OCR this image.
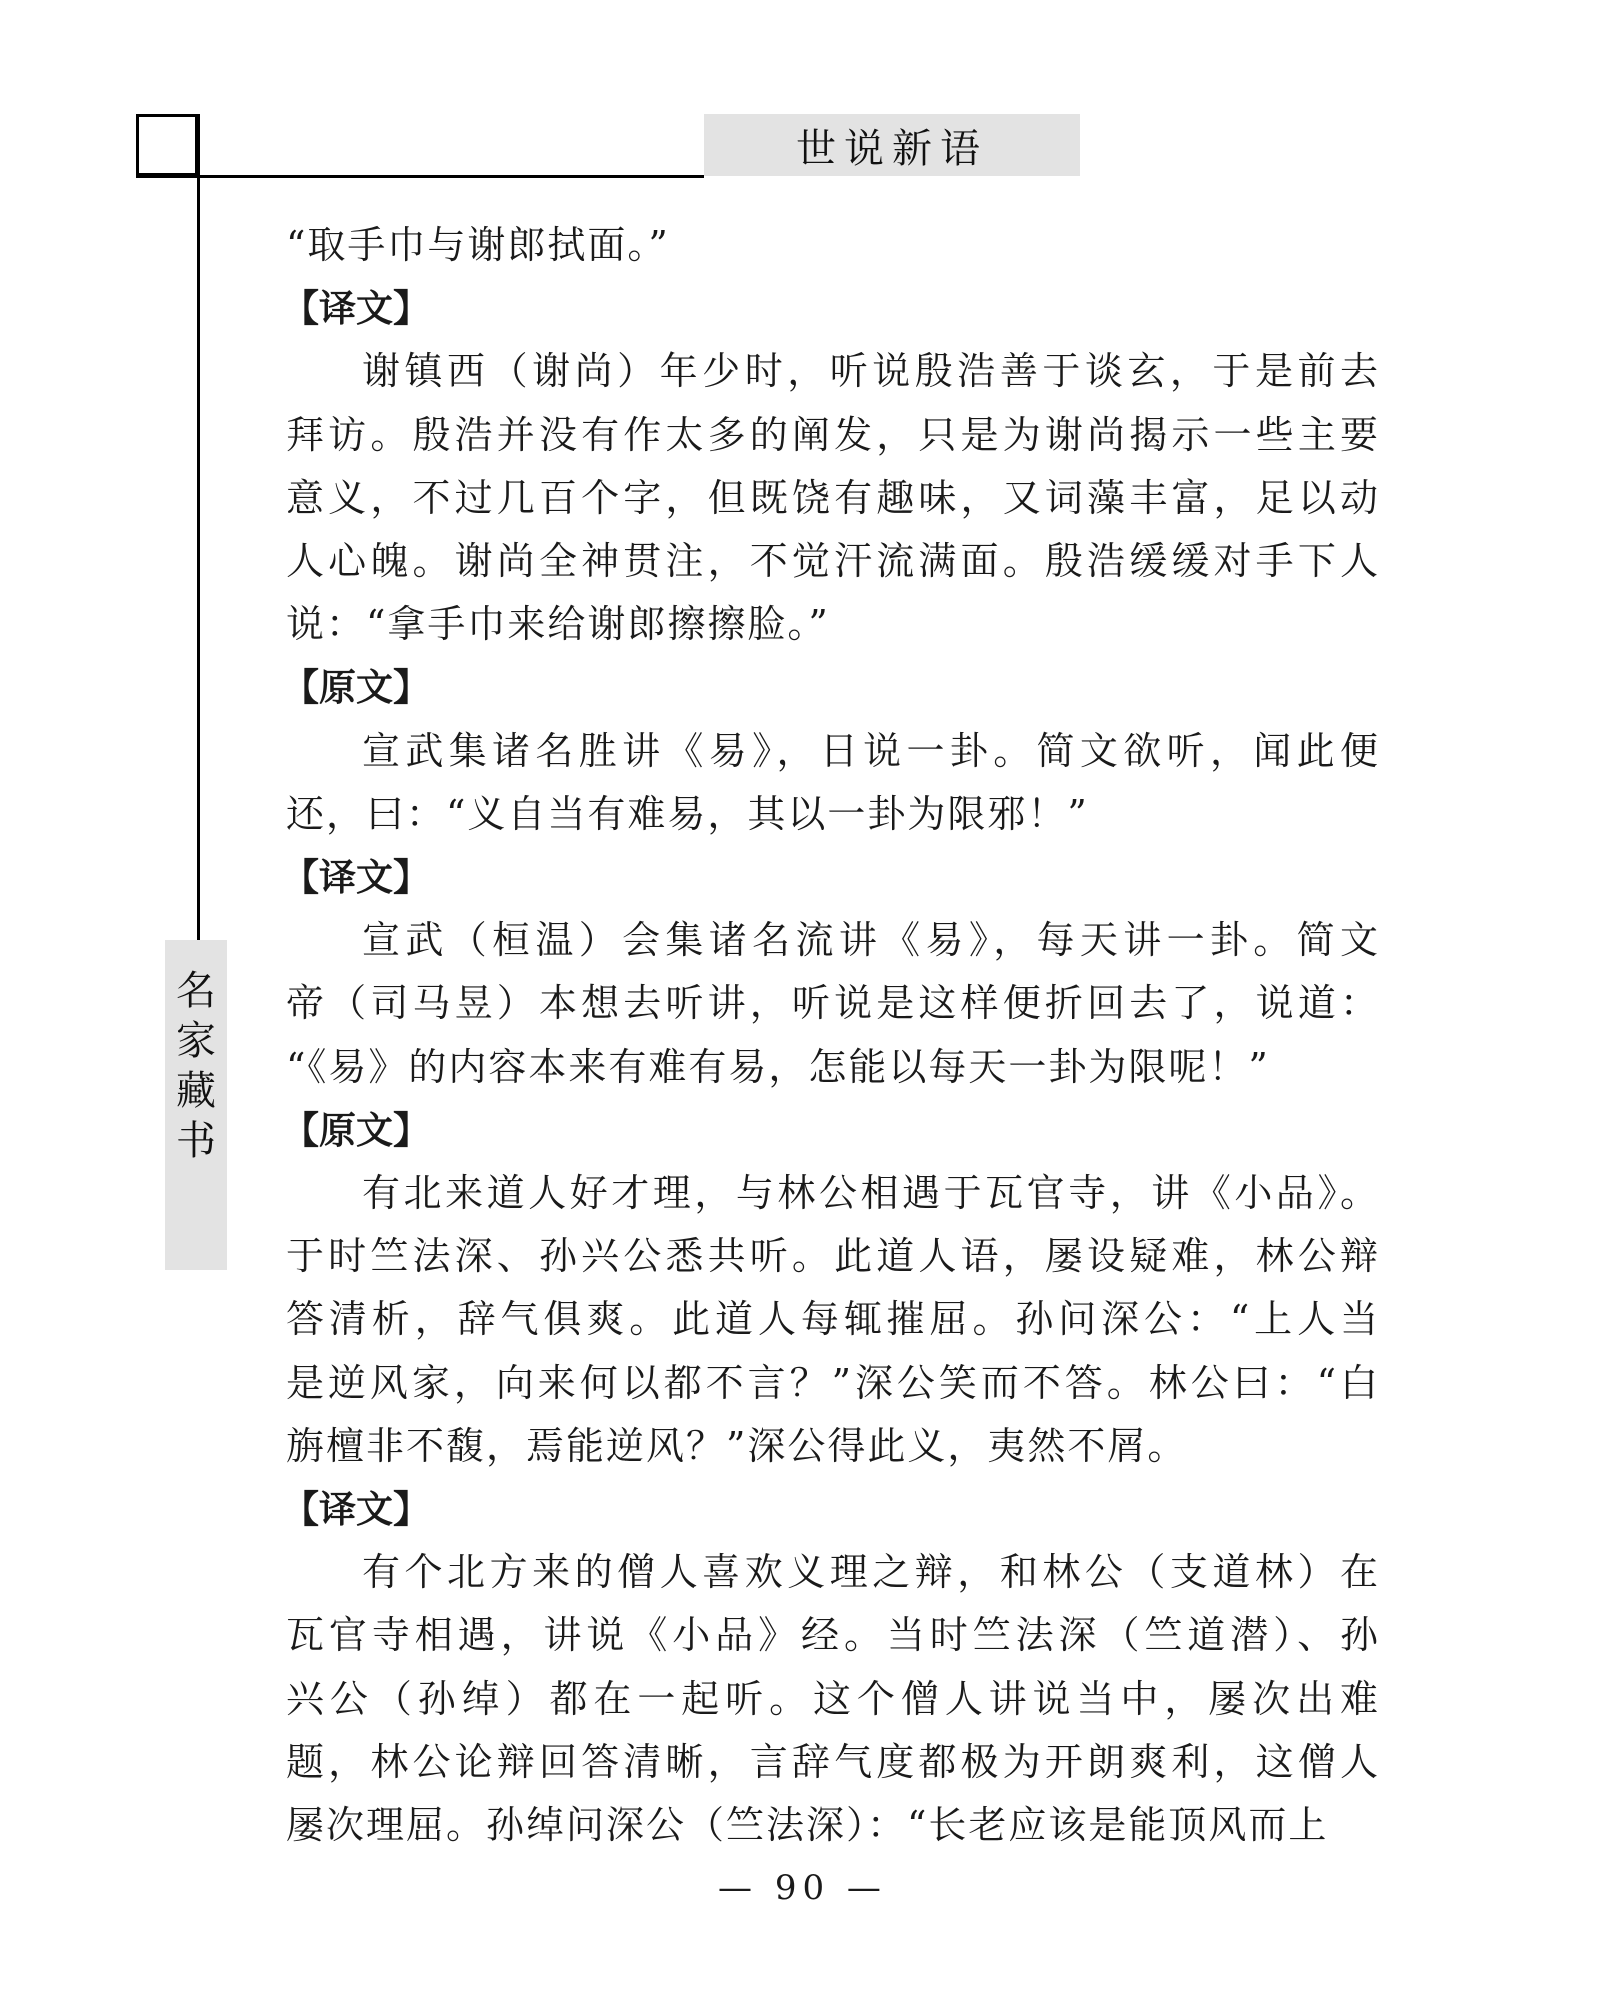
世说新语
名
家
藏
书
“取手巾与谢郎拭面。”
【译文】
谢镇西（谢尚）年少时，听说殷浩善于谈玄，于是前去
拜访。殷浩并没有作太多的阐发，只是为谢尚揭示一些主要
意义，不过几百个字，但既饶有趣味，又词藻丰富，足以动
人心魄。谢尚全神贯注，不觉汗流满面。殷浩缓缓对手下人
说：“拿手巾来给谢郎擦擦脸。”
【原文】
宣武集诸名胜讲《易》，日说一卦。简文欲听，闻此便
还，曰：“义自当有难易，其以一卦为限邪！”
【译文】
宣武（桓温）会集诸名流讲《易》，每天讲一卦。简文
帝（司马昱）本想去听讲，听说是这样便折回去了，说道：
“《易》的内容本来有难有易，怎能以每天一卦为限呢！”
【原文】
有北来道人好才理，与林公相遇于瓦官寺，讲《小品》。
于时竺法深、孙兴公悉共听。此道人语，屡设疑难，林公辩
答清析，辞气俱爽。此道人每辄摧屈。孙问深公：“上人当
是逆风家，向来何以都不言？”深公笑而不答。林公曰：“白
旃檀非不馥，焉能逆风？”深公得此义，夷然不屑。
【译文】
有个北方来的僧人喜欢义理之辩，和林公（支道林）在
瓦官寺相遇，讲说《小品》经。当时竺法深（竺道潜）、孙
兴公（孙绰）都在一起听。这个僧人讲说当中，屡次出难
题，林公论辩回答清晰，言辞气度都极为开朗爽利，这僧人
屡次理屈。孙绰问深公（竺法深）：“长老应该是能顶风而上
— 90 —
